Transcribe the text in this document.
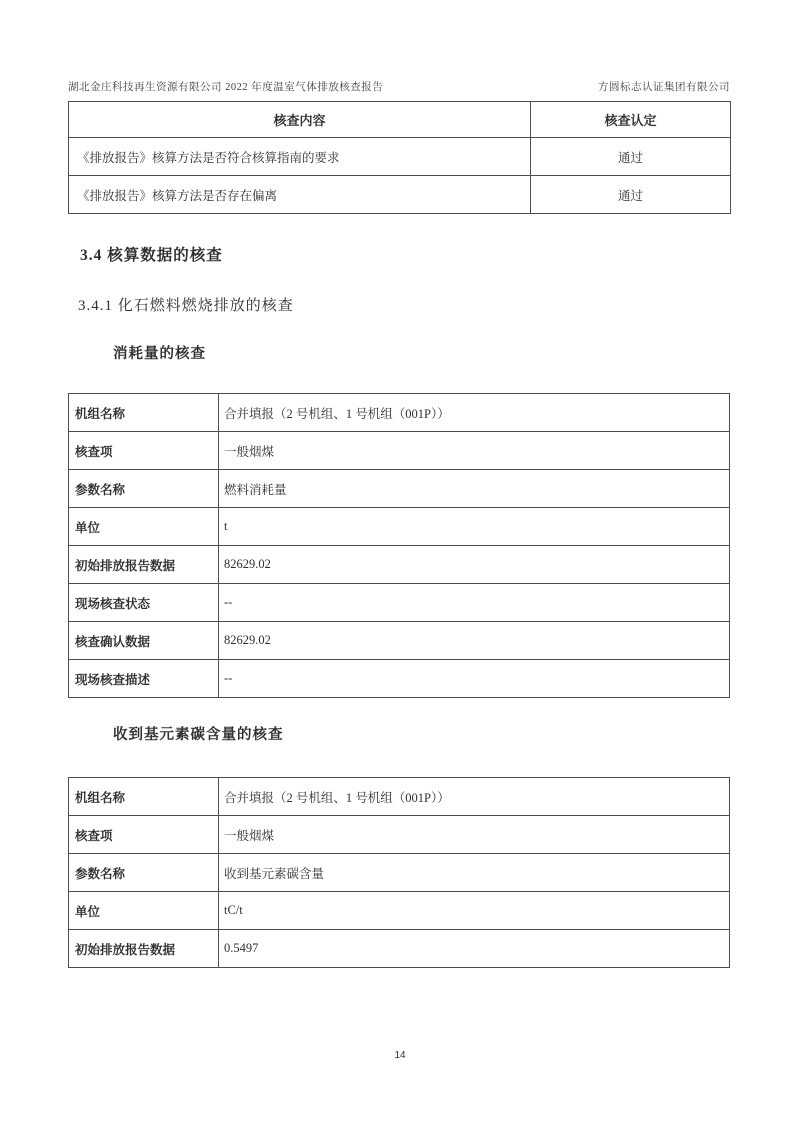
湖北金庄科技再生资源有限公司 2022 年度温室气体排放核查报告	方圆标志认证集团有限公司
核查内容	核查认定
《排放报告》核算方法是否符合核算指南的要求	通过
《排放报告》核算方法是否存在偏离	通过
3.4 核算数据的核查
3.4.1 化石燃料燃烧排放的核查
消耗量的核查
机组名称	合并填报（2 号机组、1 号机组（001P））
核查项	一般烟煤
参数名称	燃料消耗量
单位	t
初始排放报告数据	82629.02
现场核查状态	--
核查确认数据	82629.02
现场核查描述	--
收到基元素碳含量的核查
机组名称	合并填报（2 号机组、1 号机组（001P））
核查项	一般烟煤
参数名称	收到基元素碳含量
单位	tC/t
初始排放报告数据	0.5497
14
